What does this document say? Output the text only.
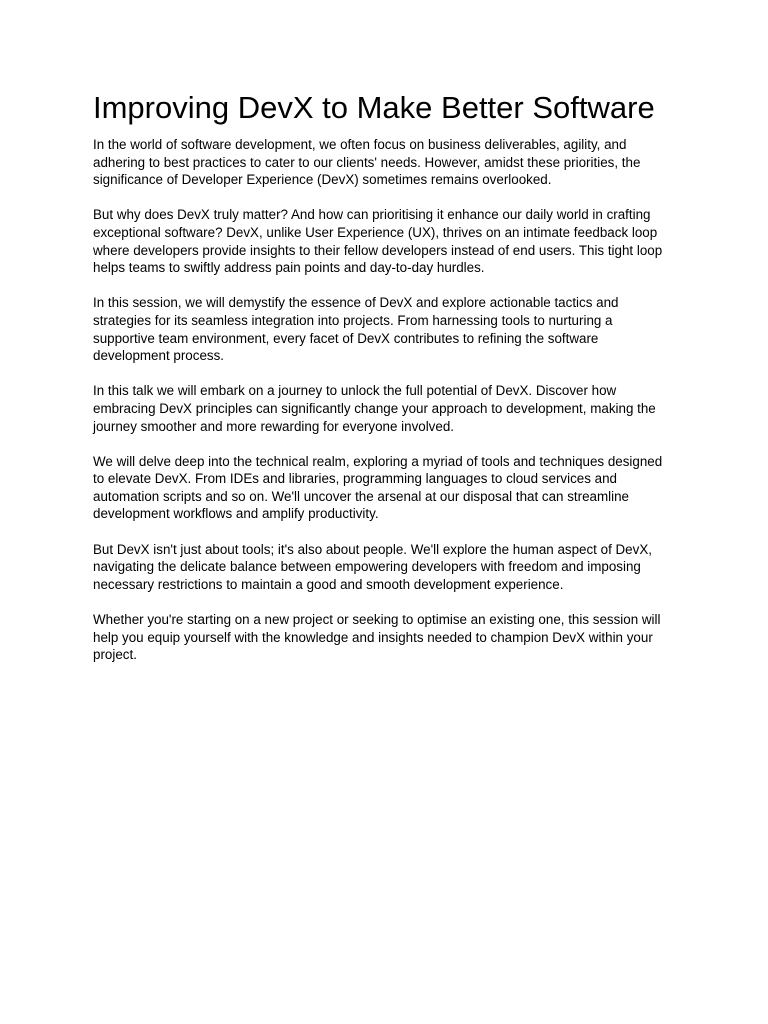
Improving DevX to Make Better Software

In the world of software development, we often focus on business deliverables, agility, and adhering to best practices to cater to our clients' needs. However, amidst these priorities, the significance of Developer Experience (DevX) sometimes remains overlooked.

But why does DevX truly matter? And how can prioritising it enhance our daily world in crafting exceptional software? DevX, unlike User Experience (UX), thrives on an intimate feedback loop where developers provide insights to their fellow developers instead of end users. This tight loop helps teams to swiftly address pain points and day-to-day hurdles.

In this session, we will demystify the essence of DevX and explore actionable tactics and strategies for its seamless integration into projects. From harnessing tools to nurturing a supportive team environment, every facet of DevX contributes to refining the software development process.

In this talk we will embark on a journey to unlock the full potential of DevX. Discover how embracing DevX principles can significantly change your approach to development, making the journey smoother and more rewarding for everyone involved.

We will delve deep into the technical realm, exploring a myriad of tools and techniques designed to elevate DevX. From IDEs and libraries, programming languages to cloud services and automation scripts and so on. We'll uncover the arsenal at our disposal that can streamline development workflows and amplify productivity.

But DevX isn't just about tools; it's also about people. We'll explore the human aspect of DevX, navigating the delicate balance between empowering developers with freedom and imposing necessary restrictions to maintain a good and smooth development experience.

Whether you're starting on a new project or seeking to optimise an existing one, this session will help you equip yourself with the knowledge and insights needed to champion DevX within your project.
